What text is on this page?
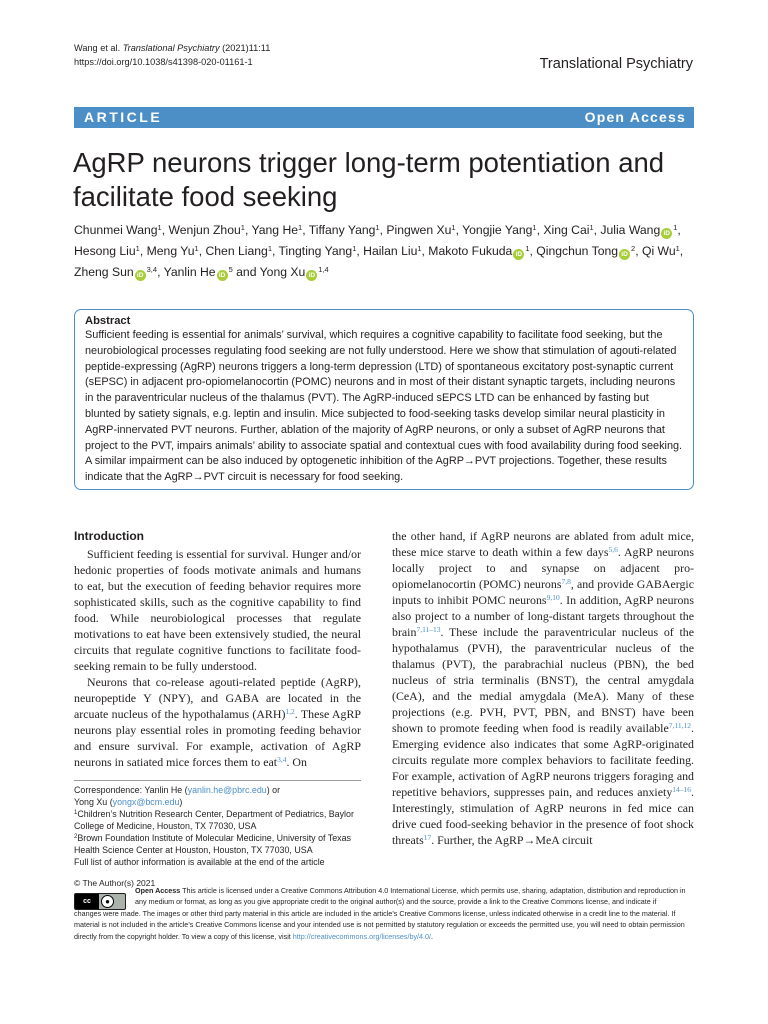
Wang et al. Translational Psychiatry (2021)11:11
https://doi.org/10.1038/s41398-020-01161-1	Translational Psychiatry
ARTICLE	Open Access
AgRP neurons trigger long-term potentiation and facilitate food seeking
Chunmei Wang$^1$, Wenjun Zhou$^1$, Yang He$^1$, Tiffany Yang$^1$, Pingwen Xu$^1$, Yongjie Yang$^1$, Xing Cai$^1$, Julia Wang $iD^1$, Hesong Liu$^1$, Meng Yu$^1$, Chen Liang$^1$, Tingting Yang$^1$, Hailan Liu$^1$, Makoto Fukuda $iD^1$, Qingchun Tong $iD^2$, Qi Wu$^1$, Zheng Sun iD$^{3,4}$, Yanlin He $iD^5$ and Yong Xu iD$^{1,4}$
Abstract

Sufficient feeding is essential for animals’ survival, which requires a cognitive capability to facilitate food seeking, but the neurobiological processes regulating food seeking are not fully understood. Here we show that stimulation of agouti-related peptide-expressing (AgRP) neurons triggers a long-term depression (LTD) of spontaneous excitatory post-synaptic current (sEPSC) in adjacent pro-opiomelanocortin (POMC) neurons and in most of their distant synaptic targets, including neurons in the paraventricular nucleus of the thalamus (PVT). The AgRP-induced sEPCS LTD can be enhanced by fasting but blunted by satiety signals, e.g. leptin and insulin. Mice subjected to food-seeking tasks develop similar neural plasticity in AgRP-innervated PVT neurons. Further, ablation of the majority of AgRP neurons, or only a subset of AgRP neurons that project to the PVT, impairs animals’ ability to associate spatial and contextual cues with food availability during food seeking. A similar impairment can be also induced by optogenetic inhibition of the AgRP→PVT projections. Together, these results indicate that the AgRP→PVT circuit is necessary for food seeking.

Introduction

Sufficient feeding is essential for survival. Hunger and/or hedonic properties of foods motivate animals and humans to eat, but the execution of feeding behavior requires more sophisticated skills, such as the cognitive capability to find food. While neurobiological processes that regulate motivations to eat have been extensively studied, the neural circuits that regulate cognitive functions to facilitate food-seeking remain to be fully understood.

Neurons that co-release agouti-related peptide (AgRP), neuropeptide Y (NPY), and GABA are located in the arcuate nucleus of the hypothalamus (ARH)$^{1,2}$. These AgRP neurons play essential roles in promoting feeding behavior and ensure survival. For example, activation of AgRP neurons in satiated mice forces them to eat$^{3,4}$. On

the other hand, if AgRP neurons are ablated from adult mice, these mice starve to death within a few days$^{5,6}$. AgRP neurons locally project to and synapse on adjacent pro-opiomelanocortin (POMC) neurons$^{7,8}$, and provide GABAergic inputs to inhibit POMC neurons$^{9,10}$. In addition, AgRP neurons also project to a number of long-distant targets throughout the brain$^{7,11-13}$. These include the paraventricular nucleus of the hypothalamus (PVH), the paraventricular nucleus of the thalamus (PVT), the parabrachial nucleus (PBN), the bed nucleus of stria terminalis (BNST), the central amygdala (CeA), and the medial amygdala (MeA). Many of these projections (e.g. PVH, PVT, PBN, and BNST) have been shown to promote feeding when food is readily available$^{7,11,12}$. Emerging evidence also indicates that some AgRP-originated circuits regulate more complex behaviors to facilitate feeding. For example, activation of AgRP neurons triggers foraging and repetitive behaviors, suppresses pain, and reduces anxiety$^{14-16}$. Interestingly, stimulation of AgRP neurons in fed mice can drive cued food-seeking behavior in the presence of foot shock threats$^{17}$. Further, the AgRP→MeA circuit

Correspondence: Yanlin He (yanlin.he@pbrc.edu) or
Yong Xu (yongx@bcm.edu)
$^1$Children’s Nutrition Research Center, Department of Pediatrics, Baylor College of Medicine, Houston, TX 77030, USA
$^2$Brown Foundation Institute of Molecular Medicine, University of Texas Health Science Center at Houston, Houston, TX 77030, USA
Full list of author information is available at the end of the article
© The Author(s) 2021
cc	●
Open Access This article is licensed under a Creative Commons Attribution 4.0 International License, which permits use, sharing, adaptation, distribution and reproduction in any medium or format, as long as you give appropriate credit to the original author(s) and the source, provide a link to the Creative Commons license, and indicate if
changes were made. The images or other third party material in this article are included in the article’s Creative Commons license, unless indicated otherwise in a credit line to the material. If material is not included in the article’s Creative Commons license and your intended use is not permitted by statutory regulation or exceeds the permitted use, you will need to obtain permission directly from the copyright holder. To view a copy of this license, visit http://creativecommons.org/licenses/by/4.0/.
